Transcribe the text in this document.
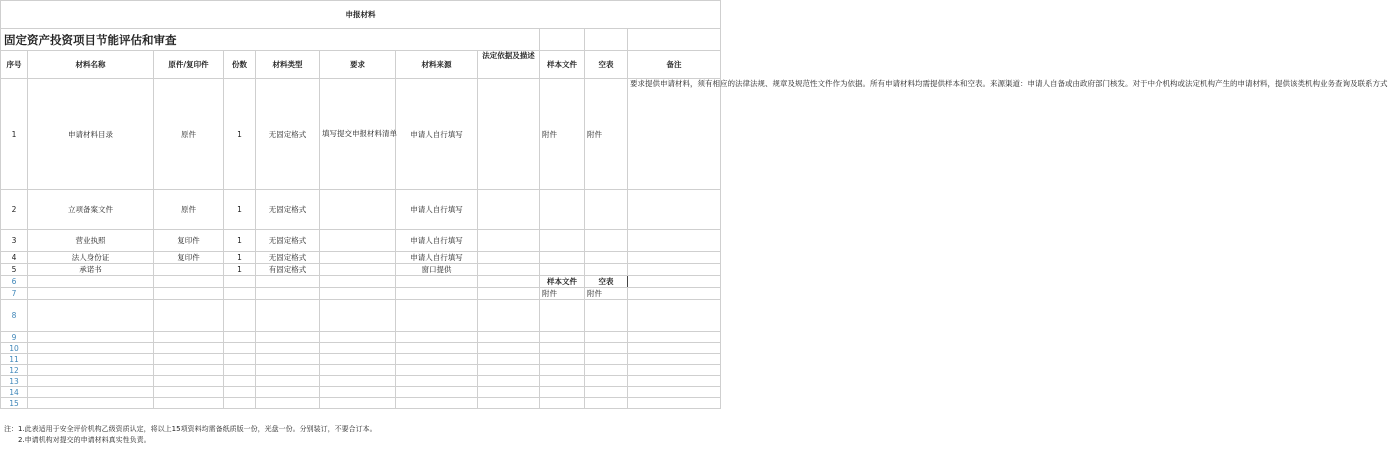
申报材料										
固定资产投资项目节能评估和审查										
序号	材料名称	原件/复印件	份数	材料类型	要求	材料来源	法定依据及描述	样本文件	空表	备注
1	申请材料目录	原件	1	无固定格式	填写提交申报材料清单	申请人自行填写		附件	附件	要求提供申请材料，须有相应的法律法规、规章及规范性文件作为依据。所有申请材料均需提供样本和空表。来源渠道：申请人自备或由政府部门核发。对于中介机构或法定机构产生的申请材料，提供该类机构业务查询及联系方式
2	立项备案文件	原件	1	无固定格式		申请人自行填写				
3	营业执照	复印件	1	无固定格式		申请人自行填写				
4	法人身份证	复印件	1	无固定格式		申请人自行填写				
5	承诺书		1	有固定格式		窗口提供				
6								样本文件	空表	
7								附件	附件	
8										
9										
10										
11										
12										
13										
14										
15										
注：1.此表适用于安全评价机构乙级资质认定，将以上15项资料均需备纸质版一份，光盘一份。分别装订，不要合订本。
2.申请机构对提交的申请材料真实性负责。
